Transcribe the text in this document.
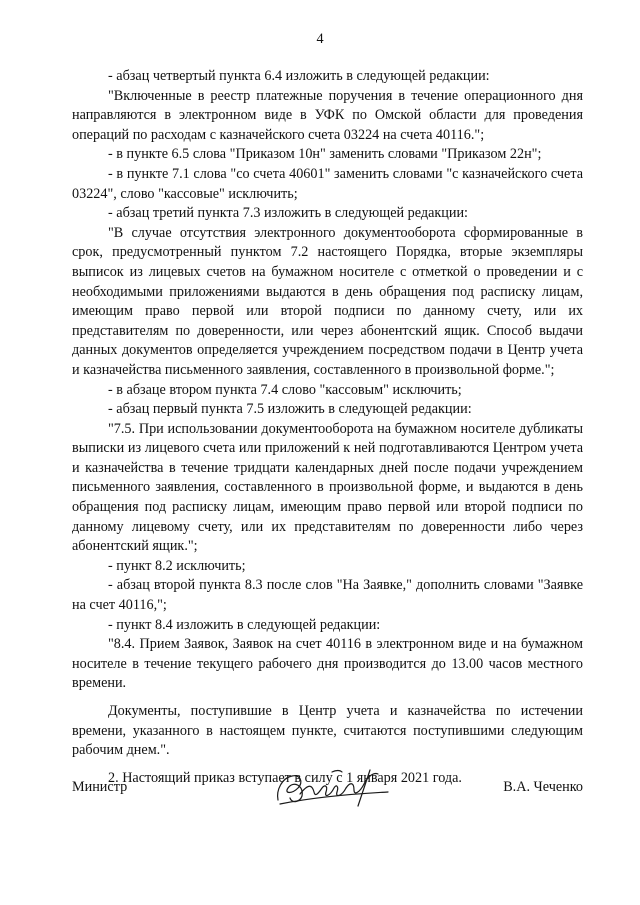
4

- абзац четвертый пункта 6.4 изложить в следующей редакции:

"Включенные в реестр платежные поручения в течение операционного дня направляются в электронном виде в УФК по Омской области для проведения операций по расходам с казначейского счета 03224 на счета 40116.";

- в пункте 6.5 слова "Приказом 10н" заменить словами "Приказом 22н";

- в пункте 7.1 слова "со счета 40601" заменить словами "с казначейского счета 03224", слово "кассовые" исключить;

- абзац третий пункта 7.3 изложить в следующей редакции:

"В случае отсутствия электронного документооборота сформированные в срок, предусмотренный пунктом 7.2 настоящего Порядка, вторые экземпляры выписок из лицевых счетов на бумажном носителе с отметкой о проведении и с необходимыми приложениями выдаются в день обращения под расписку лицам, имеющим право первой или второй подписи по данному счету, или их представителям по доверенности, или через абонентский ящик. Способ выдачи данных документов определяется учреждением посредством подачи в Центр учета и казначейства письменного заявления, составленного в произвольной форме.";

- в абзаце втором пункта 7.4 слово "кассовым" исключить;

- абзац первый пункта 7.5 изложить в следующей редакции:

"7.5. При использовании документооборота на бумажном носителе дубликаты выписки из лицевого счета или приложений к ней подготавливаются Центром учета и казначейства в течение тридцати календарных дней после подачи учреждением письменного заявления, составленного в произвольной форме, и выдаются в день обращения под расписку лицам, имеющим право первой или второй подписи по данному лицевому счету, или их представителям по доверенности либо через абонентский ящик.";

- пункт 8.2 исключить;

- абзац второй пункта 8.3 после слов "На Заявке," дополнить словами "Заявке на счет 40116,";

- пункт 8.4 изложить в следующей редакции:

"8.4. Прием Заявок, Заявок на счет 40116 в электронном виде и на бумажном носителе в течение текущего рабочего дня производится до 13.00 часов местного времени.

Документы, поступившие в Центр учета и казначейства по истечении времени, указанного в настоящем пункте, считаются поступившими следующим рабочим днем.".

2. Настоящий приказ вступает в силу с 1 января 2021 года.

Министр	В.А. Чеченко
